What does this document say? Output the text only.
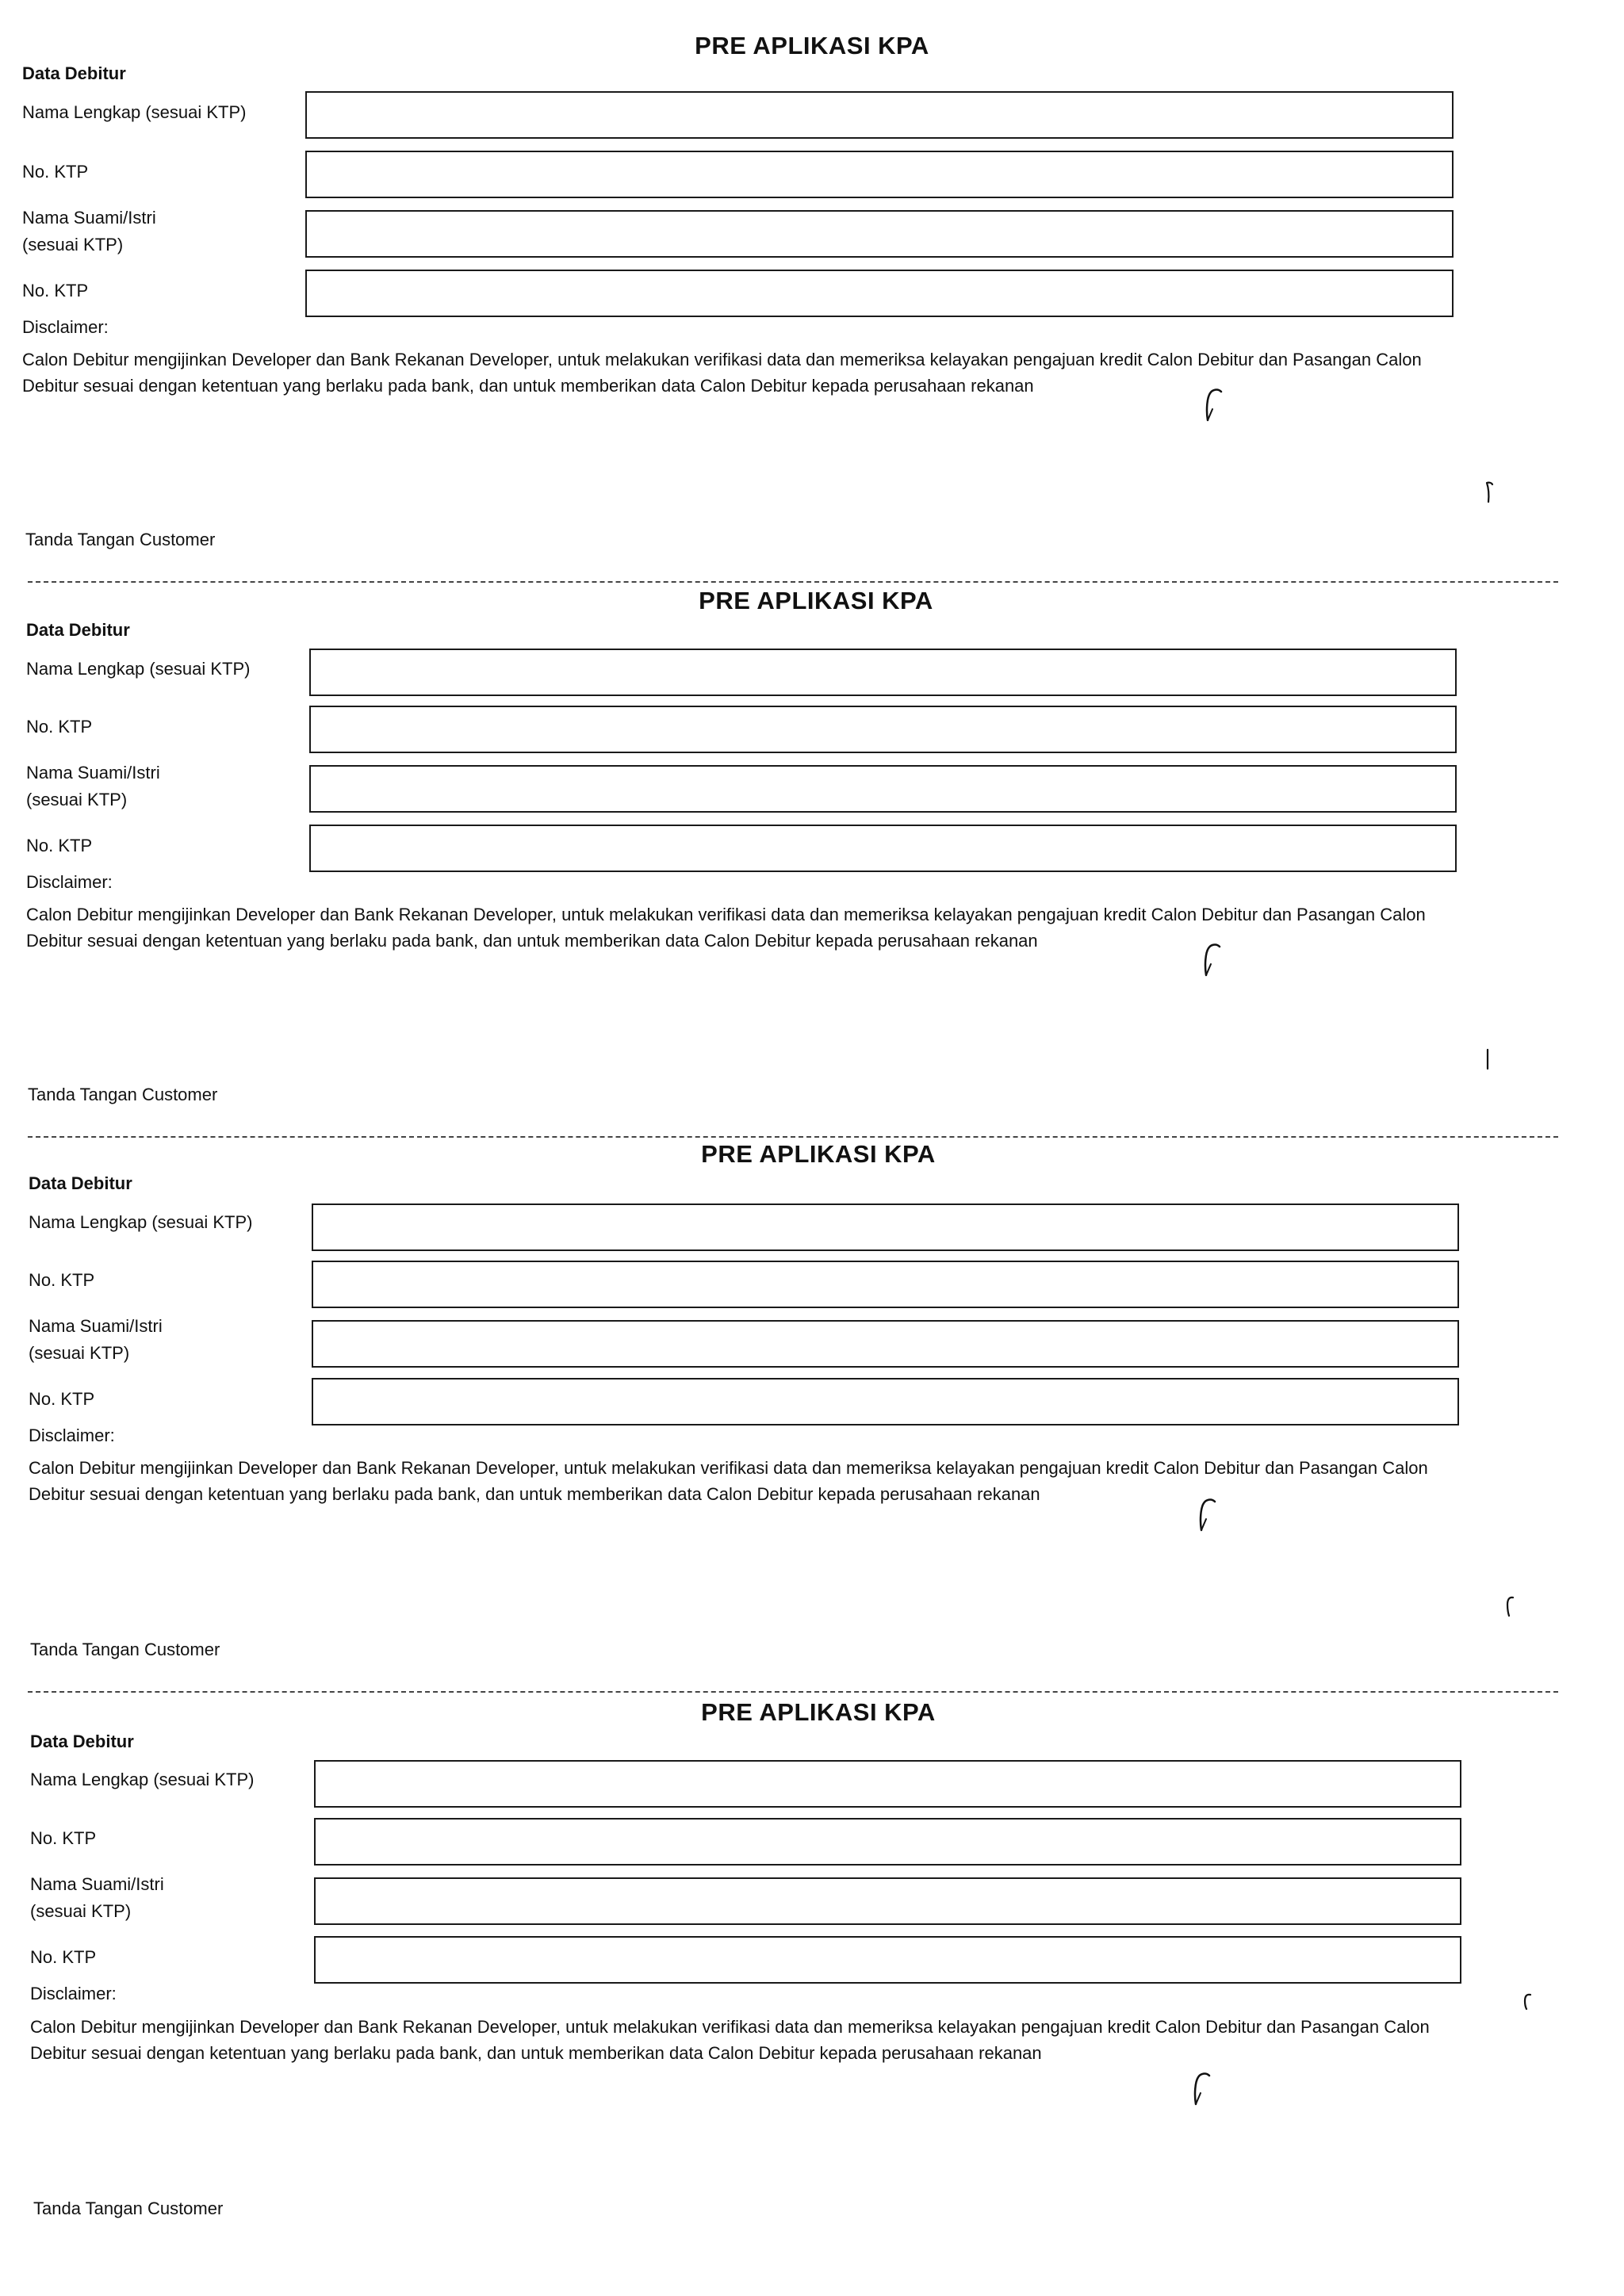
PRE APLIKASI KPA
Data Debitur
Nama Lengkap (sesuai KTP)
No. KTP
Nama Suami/Istri
(sesuai KTP)
No. KTP
Disclaimer:
Calon Debitur mengijinkan Developer dan Bank Rekanan Developer, untuk melakukan verifikasi data dan memeriksa kelayakan pengajuan kredit Calon Debitur dan Pasangan Calon Debitur sesuai dengan ketentuan yang berlaku pada bank, dan untuk memberikan data Calon Debitur kepada perusahaan rekanan
Tanda Tangan Customer
PRE APLIKASI KPA
Data Debitur
Nama Lengkap (sesuai KTP)
No. KTP
Nama Suami/Istri
(sesuai KTP)
No. KTP
Disclaimer:
Calon Debitur mengijinkan Developer dan Bank Rekanan Developer, untuk melakukan verifikasi data dan memeriksa kelayakan pengajuan kredit Calon Debitur dan Pasangan Calon Debitur sesuai dengan ketentuan yang berlaku pada bank, dan untuk memberikan data Calon Debitur kepada perusahaan rekanan
Tanda Tangan Customer
PRE APLIKASI KPA
Data Debitur
Nama Lengkap (sesuai KTP)
No. KTP
Nama Suami/Istri
(sesuai KTP)
No. KTP
Disclaimer:
Calon Debitur mengijinkan Developer dan Bank Rekanan Developer, untuk melakukan verifikasi data dan memeriksa kelayakan pengajuan kredit Calon Debitur dan Pasangan Calon Debitur sesuai dengan ketentuan yang berlaku pada bank, dan untuk memberikan data Calon Debitur kepada perusahaan rekanan
Tanda Tangan Customer
PRE APLIKASI KPA
Data Debitur
Nama Lengkap (sesuai KTP)
No. KTP
Nama Suami/Istri
(sesuai KTP)
No. KTP
Disclaimer:
Calon Debitur mengijinkan Developer dan Bank Rekanan Developer, untuk melakukan verifikasi data dan memeriksa kelayakan pengajuan kredit Calon Debitur dan Pasangan Calon Debitur sesuai dengan ketentuan yang berlaku pada bank, dan untuk memberikan data Calon Debitur kepada perusahaan rekanan
Tanda Tangan Customer
